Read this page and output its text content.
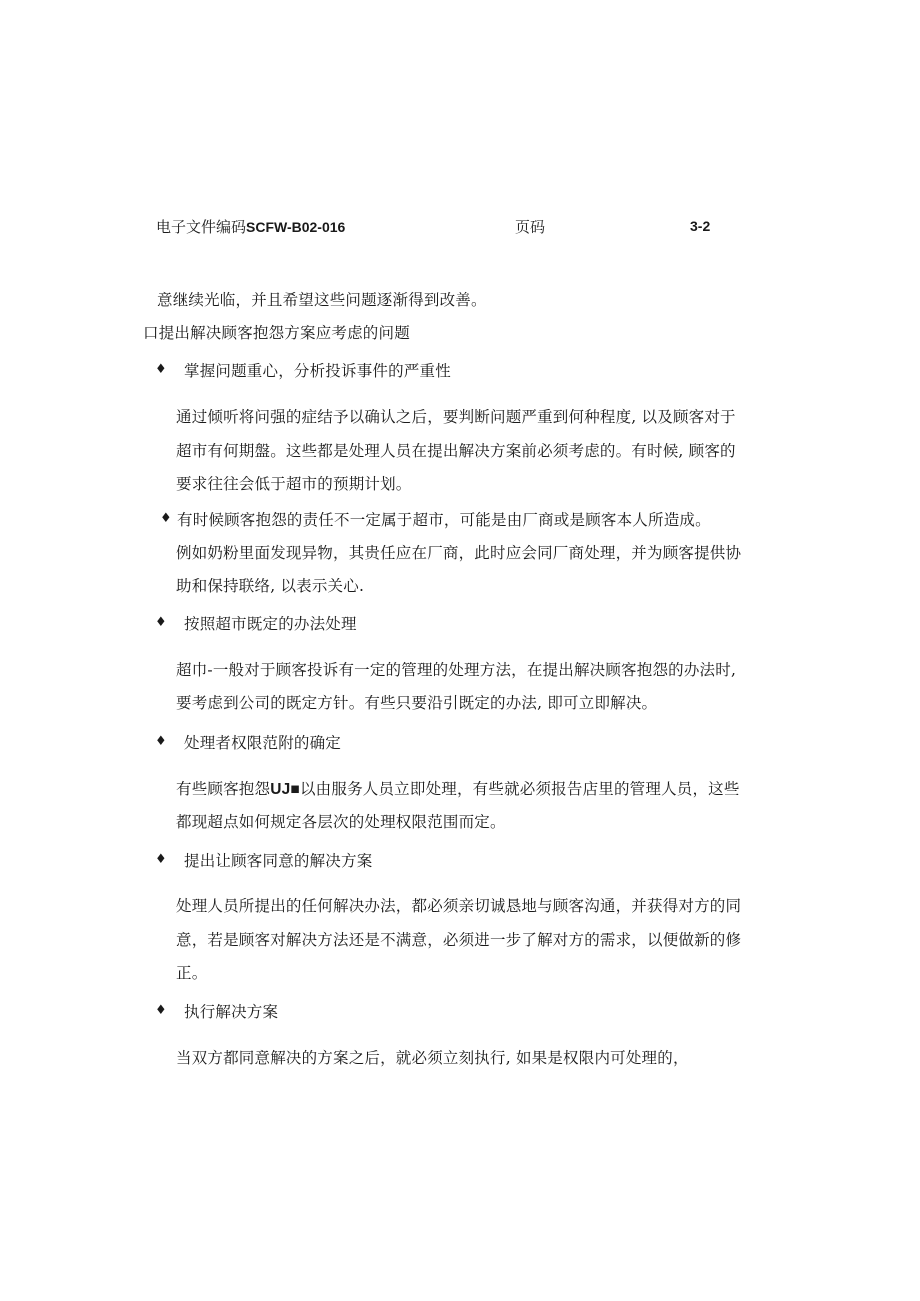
电子文件编码SCFW-B02-016	页码	3-2
意继续光临，并且希望这些问题逐渐得到改善。
口提出解决顾客抱怨方案应考虑的问题
♦ 掌握问题重心，分析投诉事件的严重性
通过倾听将问强的症结予以确认之后，要判断问题严重到何种程度, 以及顾客对于
超市有何期盤。这些都是处理人员在提出解决方案前必须考虑的。有时候, 顾客的
要求往往会低于超市的预期计划。
♦ 有时候顾客抱怨的责任不一定属于超市，可能是由厂商或是顾客本人所造成。
例如奶粉里面发现异物，其贵任应在厂商，此时应会同厂商处理，并为顾客提供协
助和保持联络, 以表示关心.
♦ 按照超市既定的办法处理
超巾-一般对于顾客投诉有一定的管理的处理方法，在提出解决顾客抱怨的办法时,
要考虑到公司的既定方针。有些只要沿引既定的办法, 即可立即解决。
♦ 处理者权限范附的确定
有些顾客抱怨UJ■以由服务人员立即处理，有些就必须报告店里的管理人员，这些
都现超点如何规定各层次的处理权限范围而定。
♦ 提出让顾客同意的解决方案
处理人员所提出的任何解决办法，都必须亲切诚恳地与顾客沟通，并获得对方的同
意，若是顾客对解决方法还是不满意，必须进一步了解对方的需求，以便做新的修
正。
♦ 执行解决方案
当双方都同意解决的方案之后，就必须立刻执行, 如果是权限内可处理的，
